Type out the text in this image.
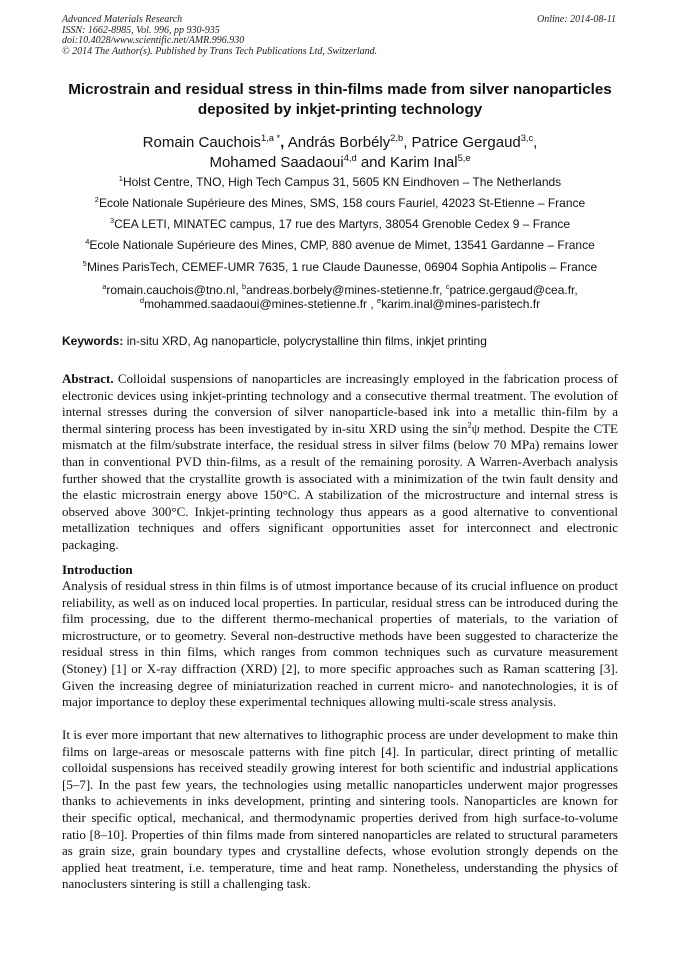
Advanced Materials Research
ISSN: 1662-8985, Vol. 996, pp 930-935
doi:10.4028/www.scientific.net/AMR.996.930
© 2014 The Author(s). Published by Trans Tech Publications Ltd, Switzerland.
Online: 2014-08-11
Microstrain and residual stress in thin-films made from silver nanoparticles deposited by inkjet-printing technology
Romain Cauchois$^{1,a *}$, András Borbély$^{2,b}$, Patrice Gergaud$^{3,c}$,
Mohamed Saadaoui$^{4,d}$ and Karim Inal$^{5,e}$
$^1$Holst Centre, TNO, High Tech Campus 31, 5605 KN Eindhoven – The Netherlands
$^2$Ecole Nationale Supérieure des Mines, SMS, 158 cours Fauriel, 42023 St-Etienne – France
$^3$CEA LETI, MINATEC campus, 17 rue des Martyrs, 38054 Grenoble Cedex 9 – France
$^4$Ecole Nationale Supérieure des Mines, CMP, 880 avenue de Mimet, 13541 Gardanne – France
$^5$Mines ParisTech, CEMEF-UMR 7635, 1 rue Claude Daunesse, 06904 Sophia Antipolis – France
$^a$romain.cauchois@tno.nl, $^b$andreas.borbely@mines-stetienne.fr, $^c$patrice.gergaud@cea.fr,
$^d$mohammed.saadaoui@mines-stetienne.fr , $^e$karim.inal@mines-paristech.fr
Keywords: in-situ XRD, Ag nanoparticle, polycrystalline thin films, inkjet printing
Abstract. Colloidal suspensions of nanoparticles are increasingly employed in the fabrication process of electronic devices using inkjet-printing technology and a consecutive thermal treatment. The evolution of internal stresses during the conversion of silver nanoparticle-based ink into a metallic thin-film by a thermal sintering process has been investigated by in-situ XRD using the $\sin^2\psi$ method. Despite the CTE mismatch at the film/substrate interface, the residual stress in silver films (below 70 MPa) remains lower than in conventional PVD thin-films, as a result of the remaining porosity. A Warren-Averbach analysis further showed that the crystallite growth is associated with a minimization of the twin fault density and the elastic microstrain energy above 150°C. A stabilization of the microstructure and internal stress is observed above 300°C. Inkjet-printing technology thus appears as a good alternative to conventional metallization techniques and offers significant opportunities asset for interconnect and electronic packaging.
Introduction
Analysis of residual stress in thin films is of utmost importance because of its crucial influence on product reliability, as well as on induced local properties. In particular, residual stress can be introduced during the film processing, due to the different thermo-mechanical properties of materials, to the variation of microstructure, or to geometry. Several non-destructive methods have been suggested to characterize the residual stress in thin films, which ranges from common techniques such as curvature measurement (Stoney) [1] or X-ray diffraction (XRD) [2], to more specific approaches such as Raman scattering [3]. Given the increasing degree of miniaturization reached in current micro- and nanotechnologies, it is of major importance to deploy these experimental techniques allowing multi-scale stress analysis.
It is ever more important that new alternatives to lithographic process are under development to make thin films on large-areas or mesoscale patterns with fine pitch [4]. In particular, direct printing of metallic colloidal suspensions has received steadily growing interest for both scientific and industrial applications [5–7]. In the past few years, the technologies using metallic nanoparticles underwent major progresses thanks to achievements in inks development, printing and sintering tools. Nanoparticles are known for their specific optical, mechanical, and thermodynamic properties derived from high surface-to-volume ratio [8–10]. Properties of thin films made from sintered nanoparticles are related to structural parameters as grain size, grain boundary types and crystalline defects, whose evolution strongly depends on the applied heat treatment, i.e. temperature, time and heat ramp. Nonetheless, understanding the physics of nanoclusters sintering is still a challenging task.
